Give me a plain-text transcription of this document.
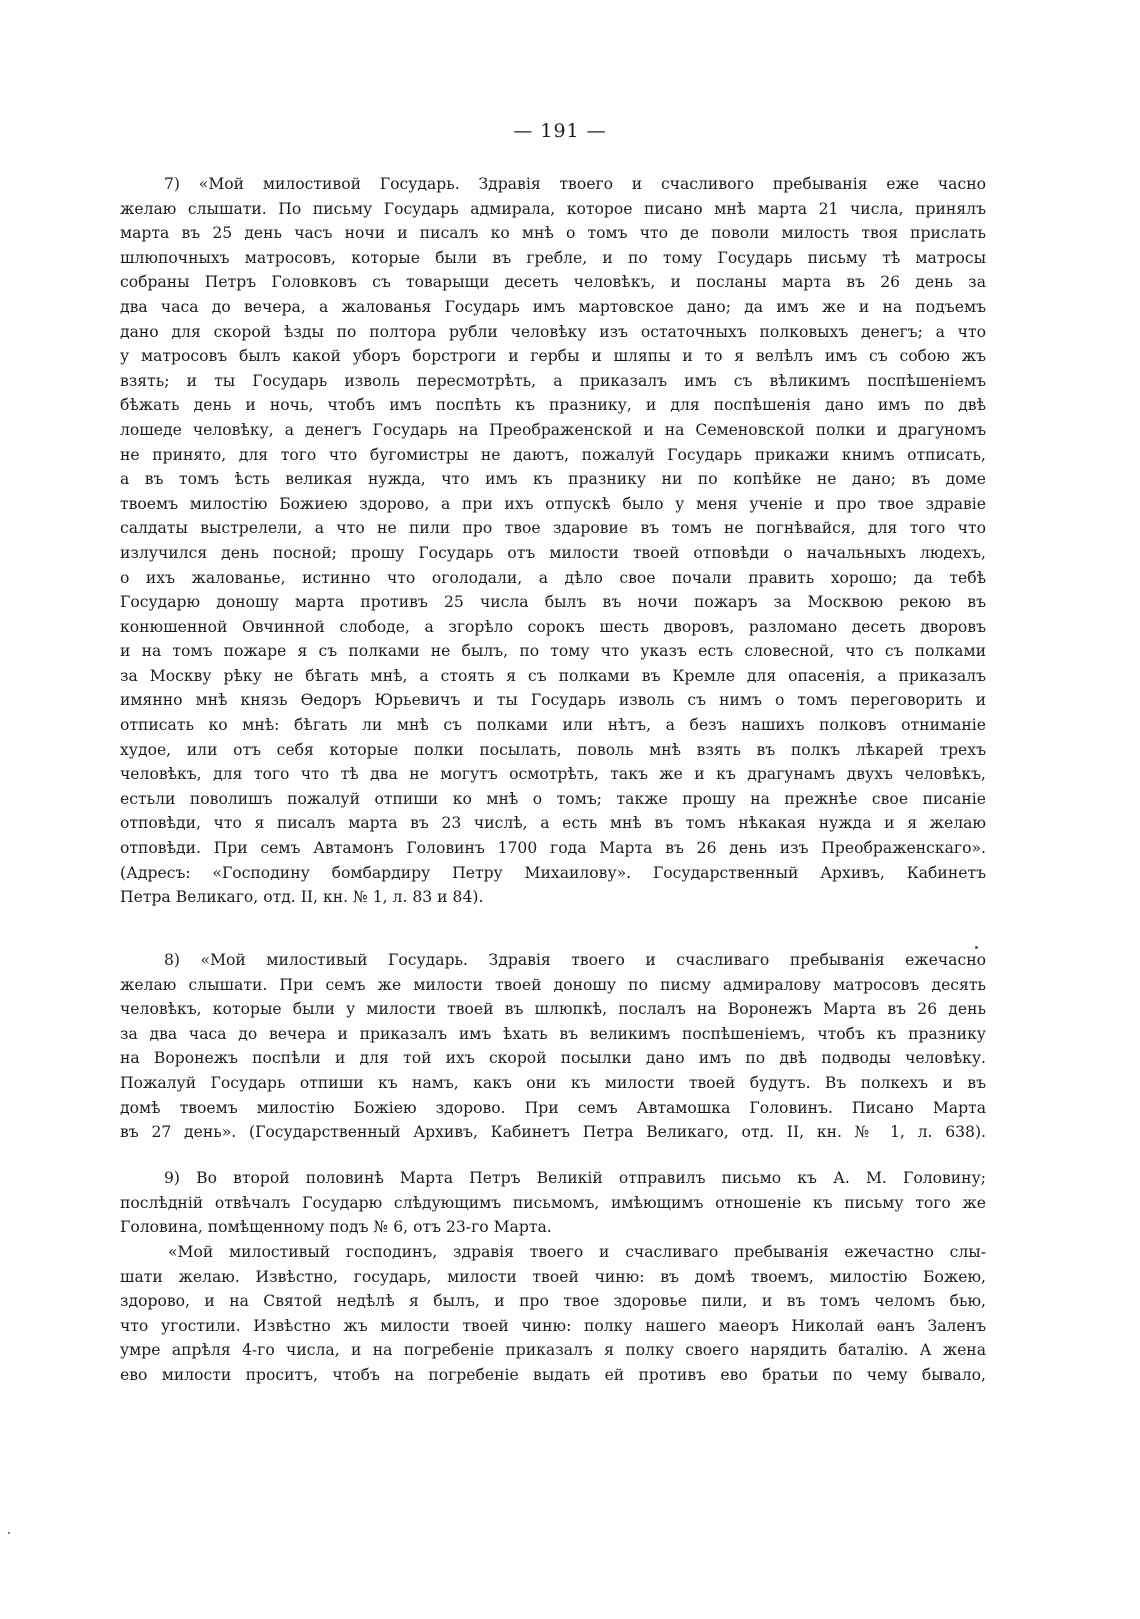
— 191 —
7) «Мой милостивой Государь. Здравія твоего и счасливого пребыванія еже часно
желаю слышати. По письму Государь адмирала, которое писано мнѣ марта 21 числа, принялъ
марта въ 25 день часъ ночи и писалъ ко мнѣ о томъ что де поволи милость твоя прислать
шлюпочныхъ матросовъ, которые были въ гребле, и по тому Государь письму тѣ матросы
собраны Петръ Головковъ съ товарыщи десеть человѣкъ, и посланы марта въ 26 день за
два часа до вечера, а жалованья Государь имъ мартовское дано; да имъ же и на подъемъ
дано для скорой ѣзды по полтора рубли человѣку изъ остаточныхъ полковыхъ денегъ; а что
у матросовъ былъ какой уборъ борстроги и гербы и шляпы и то я велѣлъ имъ съ собою жъ
взять; и ты Государь изволь пересмотрѣть, а приказалъ имъ съ вѣликимъ поспѣшеніемъ
бѣжать день и ночь, чтобъ имъ поспѣть къ празнику, и для поспѣшенія дано имъ по двѣ
лошеде человѣку, а денегъ Государь на Преображенской и на Семеновской полки и драгуномъ
не принято, для того что бугомистры не даютъ, пожалуй Государь прикажи книмъ отписать,
а въ томъ ѣсть великая нужда, что имъ къ празнику ни по копѣйке не дано; въ доме
твоемъ милостію Божиею здорово, а при ихъ отпускѣ было у меня ученіе и про твое здравіе
салдаты выстрелели, а что не пили про твое здаровие въ томъ не погнѣвайся, для того что
излучился день посной; прошу Государь отъ милости твоей отповѣди о начальныхъ людехъ,
о ихъ жалованье, истинно что оголодали, а дѣло свое почали править хорошо; да тебѣ
Государю доношу марта противъ 25 числа былъ въ ночи пожаръ за Москвою рекою въ
конюшенной Овчинной слободе, а згорѣло сорокъ шесть дворовъ, разломано десеть дворовъ
и на томъ пожаре я съ полками не былъ, по тому что указъ есть словесной, что съ полками
за Москву рѣку не бѣгать мнѣ, а стоять я съ полками въ Кремле для опасенія, а приказалъ
имянно мнѣ князь Ѳедоръ Юрьевичъ и ты Государь изволь съ нимъ о томъ переговорить и
отписать ко мнѣ: бѣгать ли мнѣ съ полками или нѣтъ, а безъ нашихъ полковъ отниманіе
худое, или отъ себя которые полки посылать, поволь мнѣ взять въ полкъ лѣкарей трехъ
человѣкъ, для того что тѣ два не могутъ осмотрѣть, такъ же и къ драгунамъ двухъ человѣкъ,
естьли поволишъ пожалуй отпиши ко мнѣ о томъ; также прошу на прежнѣе свое писаніе
отповѣди, что я писалъ марта въ 23 числѣ, а есть мнѣ въ томъ нѣкакая нужда и я желаю
отповѣди. При семъ Автамонъ Головинъ 1700 года Марта въ 26 день изъ Преображенскаго».
(Адресъ: «Господину бомбардиру Петру Михаилову». Государственный Архивъ, Кабинетъ
Петра Великаго, отд. II, кн. № 1, л. 83 и 84).
8) «Мой милостивый Государь. Здравія твоего и счасливаго пребыванія ежечасно
желаю слышати. При семъ же милости твоей доношу по писму адмиралову матросовъ десять
человѣкъ, которые были у милости твоей въ шлюпкѣ, послалъ на Воронежъ Марта въ 26 день
за два часа до вечера и приказалъ имъ ѣхать въ великимъ поспѣшеніемъ, чтобъ къ празнику
на Воронежъ поспѣли и для той ихъ скорой посылки дано имъ по двѣ подводы человѣку.
Пожалуй Государь отпиши къ намъ, какъ они къ милости твоей будутъ. Въ полкехъ и въ
домѣ твоемъ милостію Божіею здорово. При семъ Автамошка Головинъ. Писано Марта
въ 27 день». (Государственный Архивъ, Кабинетъ Петра Великаго, отд. II, кн. № 1, л. 638).
9) Во второй половинѣ Марта Петръ Великій отправилъ письмо къ А. М. Головину;
послѣдній отвѣчалъ Государю слѣдующимъ письмомъ, имѣющимъ отношеніе къ письму того же
Головина, помѣщенному подъ № 6, отъ 23-го Марта.
«Мой милостивый господинъ, здравія твоего и счасливаго пребыванія ежечастно слы-
шати желаю. Извѣстно, государь, милости твоей чиню: въ домѣ твоемъ, милостію Божею,
здорово, и на Святой недѣлѣ я былъ, и про твое здоровье пили, и въ томъ челомъ бью,
что угостили. Извѣстно жъ милости твоей чиню: полку нашего маеоръ Николай ѳанъ Заленъ
умре апрѣля 4-го числа, и на погребеніе приказалъ я полку своего нарядить баталію. А жена
ево милости проситъ, чтобъ на погребеніе выдать ей противъ ево братьи по чему бывало,
